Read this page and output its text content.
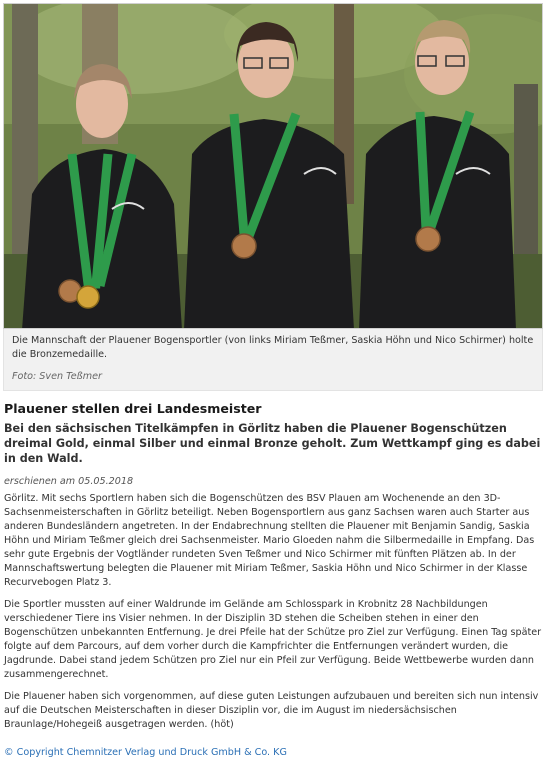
Die Mannschaft der Plauener Bogensportler (von links Miriam Teßmer, Saskia Höhn und Nico Schirmer) holte die Bronzemedaille.

Foto: Sven Teßmer

Plauener stellen drei Landesmeister

Bei den sächsischen Titelkämpfen in Görlitz haben die Plauener Bogenschützen dreimal Gold, einmal Silber und einmal Bronze geholt. Zum Wettkampf ging es dabei in den Wald.

erschienen am 05.05.2018

Görlitz. Mit sechs Sportlern haben sich die Bogenschützen des BSV Plauen am Wochenende an den 3D-Sachsenmeisterschaften in Görlitz beteiligt. Neben Bogensportlern aus ganz Sachsen waren auch Starter aus anderen Bundesländern angetreten. In der Endabrechnung stellten die Plauener mit Benjamin Sandig, Saskia Höhn und Miriam Teßmer gleich drei Sachsenmeister. Mario Gloeden nahm die Silbermedaille in Empfang. Das sehr gute Ergebnis der Vogtländer rundeten Sven Teßmer und Nico Schirmer mit fünften Plätzen ab. In der Mannschaftswertung belegten die Plauener mit Miriam Teßmer, Saskia Höhn und Nico Schirmer in der Klasse Recurvebogen Platz 3.

Die Sportler mussten auf einer Waldrunde im Gelände am Schlosspark in Krobnitz 28 Nachbildungen verschiedener Tiere ins Visier nehmen. In der Disziplin 3D stehen die Scheiben stehen in einer den Bogenschützen unbekannten Entfernung. Je drei Pfeile hat der Schütze pro Ziel zur Verfügung. Einen Tag später folgte auf dem Parcours, auf dem vorher durch die Kampfrichter die Entfernungen verändert wurden, die Jagdrunde. Dabei stand jedem Schützen pro Ziel nur ein Pfeil zur Verfügung. Beide Wettbewerbe wurden dann zusammengerechnet.

Die Plauener haben sich vorgenommen, auf diese guten Leistungen aufzubauen und bereiten sich nun intensiv auf die Deutschen Meisterschaften in dieser Disziplin vor, die im August im niedersächsischen Braunlage/Hohegeiß ausgetragen werden. (höt)

© Copyright Chemnitzer Verlag und Druck GmbH & Co. KG
